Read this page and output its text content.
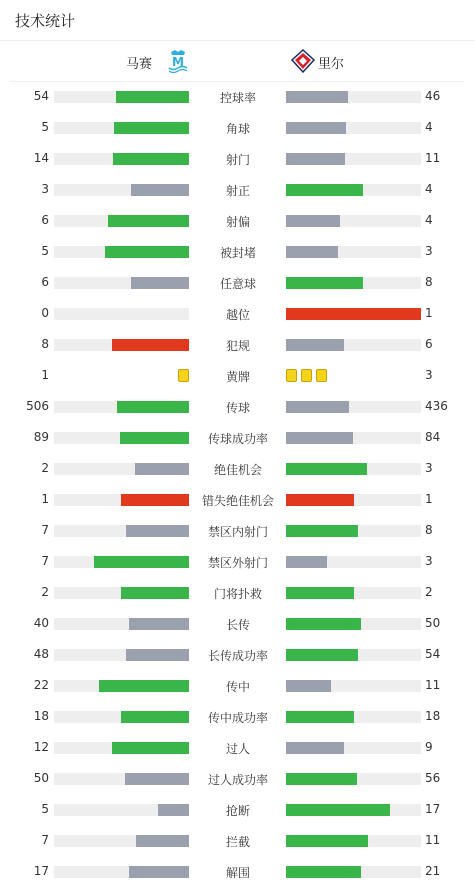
技术统计
马赛 M	里尔
54	控球率	46
5	角球	4
14	射门	11
3	射正	4
6	射偏	4
5	被封堵	3
6	任意球	8
0	越位	1
8	犯规	6
1	黄牌	3
506	传球	436
89	传球成功率	84
2	绝佳机会	3
1	错失绝佳机会	1
7	禁区内射门	8
7	禁区外射门	3
2	门将扑救	2
40	长传	50
48	长传成功率	54
22	传中	11
18	传中成功率	18
12	过人	9
50	过人成功率	56
5	抢断	17
7	拦截	11
17	解围	21
